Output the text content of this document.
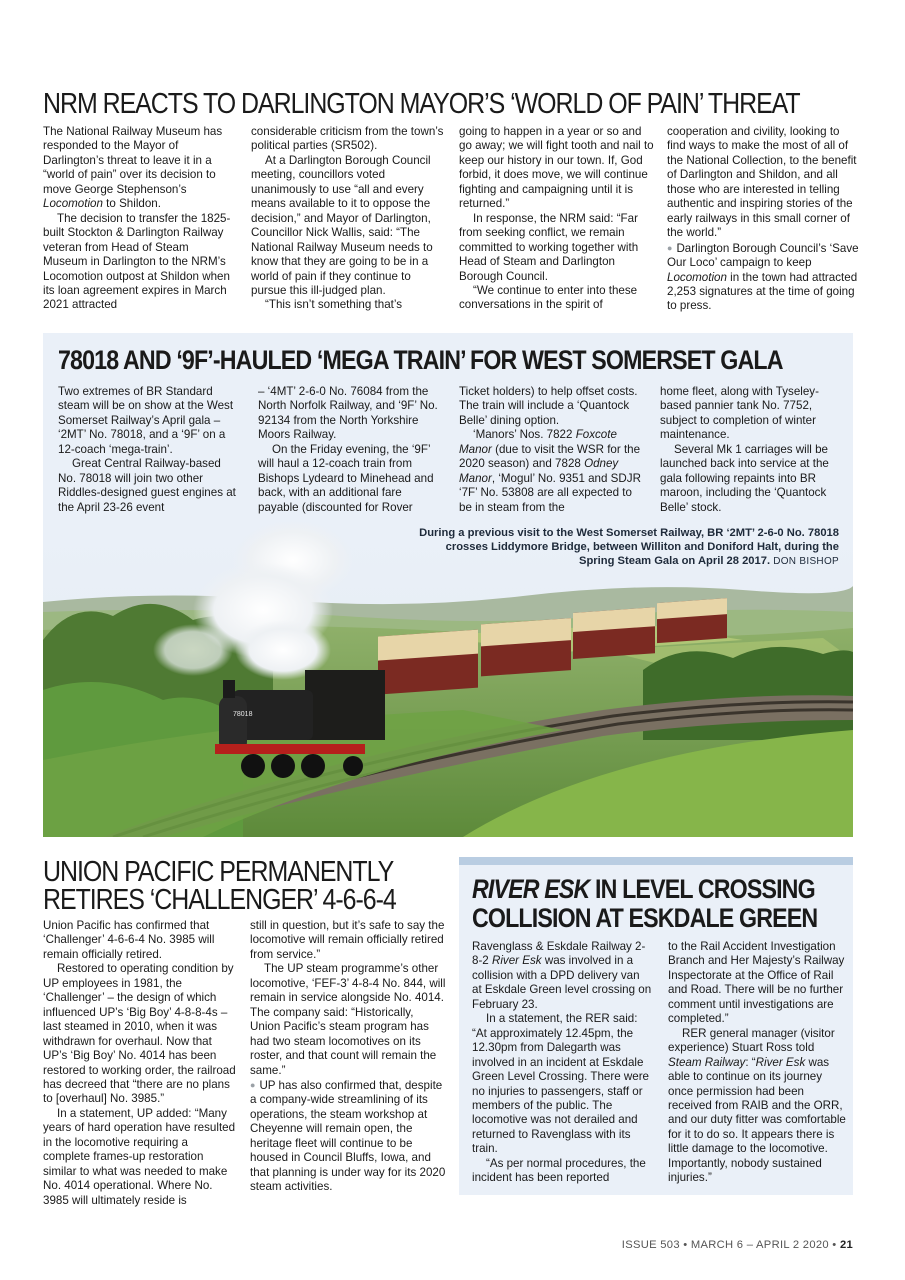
NRM REACTS TO DARLINGTON MAYOR’S ‘WORLD OF PAIN’ THREAT

The National Railway Museum has responded to the Mayor of Darlington’s threat to leave it in a “world of pain” over its decision to move George Stephenson’s Locomotion to Shildon.

The decision to transfer the 1825-built Stockton & Darlington Railway veteran from Head of Steam Museum in Darlington to the NRM’s Locomotion outpost at Shildon when its loan agreement expires in March 2021 attracted

considerable criticism from the town’s political parties (SR502).

At a Darlington Borough Council meeting, councillors voted unanimously to use “all and every means available to it to oppose the decision,” and Mayor of Darlington, Councillor Nick Wallis, said: “The National Railway Museum needs to know that they are going to be in a world of pain if they continue to pursue this ill-judged plan.

“This isn’t something that’s

going to happen in a year or so and go away; we will fight tooth and nail to keep our history in our town. If, God forbid, it does move, we will continue fighting and campaigning until it is returned.”

In response, the NRM said: “Far from seeking conflict, we remain committed to working together with Head of Steam and Darlington Borough Council.

“We continue to enter into these conversations in the spirit of

cooperation and civility, looking to find ways to make the most of all of the National Collection, to the benefit of Darlington and Shildon, and all those who are interested in telling authentic and inspiring stories of the early railways in this small corner of the world.”

● Darlington Borough Council’s ‘Save Our Loco’ campaign to keep Locomotion in the town had attracted 2,253 signatures at the time of going to press.

78018 AND ‘9F’-HAULED ‘MEGA TRAIN’ FOR WEST SOMERSET GALA

Two extremes of BR Standard steam will be on show at the West Somerset Railway’s April gala – ‘2MT’ No. 78018, and a ‘9F’ on a 12-coach ‘mega-train’.

Great Central Railway-based No. 78018 will join two other Riddles-designed guest engines at the April 23-26 event

– ‘4MT’ 2-6-0 No. 76084 from the North Norfolk Railway, and ‘9F’ No. 92134 from the North Yorkshire Moors Railway.

On the Friday evening, the ‘9F’ will haul a 12-coach train from Bishops Lydeard to Minehead and back, with an additional fare payable (discounted for Rover

Ticket holders) to help offset costs. The train will include a ‘Quantock Belle’ dining option.

‘Manors’ Nos. 7822 Foxcote Manor (due to visit the WSR for the 2020 season) and 7828 Odney Manor, ‘Mogul’ No. 9351 and SDJR ‘7F’ No. 53808 are all expected to be in steam from the

home fleet, along with Tyseley-based pannier tank No. 7752, subject to completion of winter maintenance.

Several Mk 1 carriages will be launched back into service at the gala following repaints into BR maroon, including the ‘Quantock Belle’ stock.

78018
During a previous visit to the West Somerset Railway, BR ‘2MT’ 2-6-0 No. 78018 crosses Liddymore Bridge, between Williton and Doniford Halt, during the Spring Steam Gala on April 28 2017. DON BISHOP
UNION PACIFIC PERMANENTLY
RETIRES ‘CHALLENGER’ 4-6-6-4

Union Pacific has confirmed that ‘Challenger’ 4-6-6-4 No. 3985 will remain officially retired.

Restored to operating condition by UP employees in 1981, the ‘Challenger’ – the design of which influenced UP’s ‘Big Boy’ 4-8-8-4s – last steamed in 2010, when it was withdrawn for overhaul. Now that UP’s ‘Big Boy’ No. 4014 has been restored to working order, the railroad has decreed that “there are no plans to [overhaul] No. 3985.”

In a statement, UP added: “Many years of hard operation have resulted in the locomotive requiring a complete frames-up restoration similar to what was needed to make No. 4014 operational. Where No. 3985 will ultimately reside is

still in question, but it’s safe to say the locomotive will remain officially retired from service.”

The UP steam programme’s other locomotive, ‘FEF-3’ 4-8-4 No. 844, will remain in service alongside No. 4014. The company said: “Historically, Union Pacific’s steam program has had two steam locomotives on its roster, and that count will remain the same.”

● UP has also confirmed that, despite a company-wide streamlining of its operations, the steam workshop at Cheyenne will remain open, the heritage fleet will continue to be housed in Council Bluffs, Iowa, and that planning is under way for its 2020 steam activities.

RIVER ESK IN LEVEL CROSSING
COLLISION AT ESKDALE GREEN

Ravenglass & Eskdale Railway 2-8-2 River Esk was involved in a collision with a DPD delivery van at Eskdale Green level crossing on February 23.

In a statement, the RER said: “At approximately 12.45pm, the 12.30pm from Dalegarth was involved in an incident at Eskdale Green Level Crossing. There were no injuries to passengers, staff or members of the public. The locomotive was not derailed and returned to Ravenglass with its train.

“As per normal procedures, the incident has been reported

to the Rail Accident Investigation Branch and Her Majesty’s Railway Inspectorate at the Office of Rail and Road. There will be no further comment until investigations are completed.”

RER general manager (visitor experience) Stuart Ross told Steam Railway: “River Esk was able to continue on its journey once permission had been received from RAIB and the ORR, and our duty fitter was comfortable for it to do so. It appears there is little damage to the locomotive. Importantly, nobody sustained injuries.”

ISSUE 503 • MARCH 6 – APRIL 2 2020 • 21
